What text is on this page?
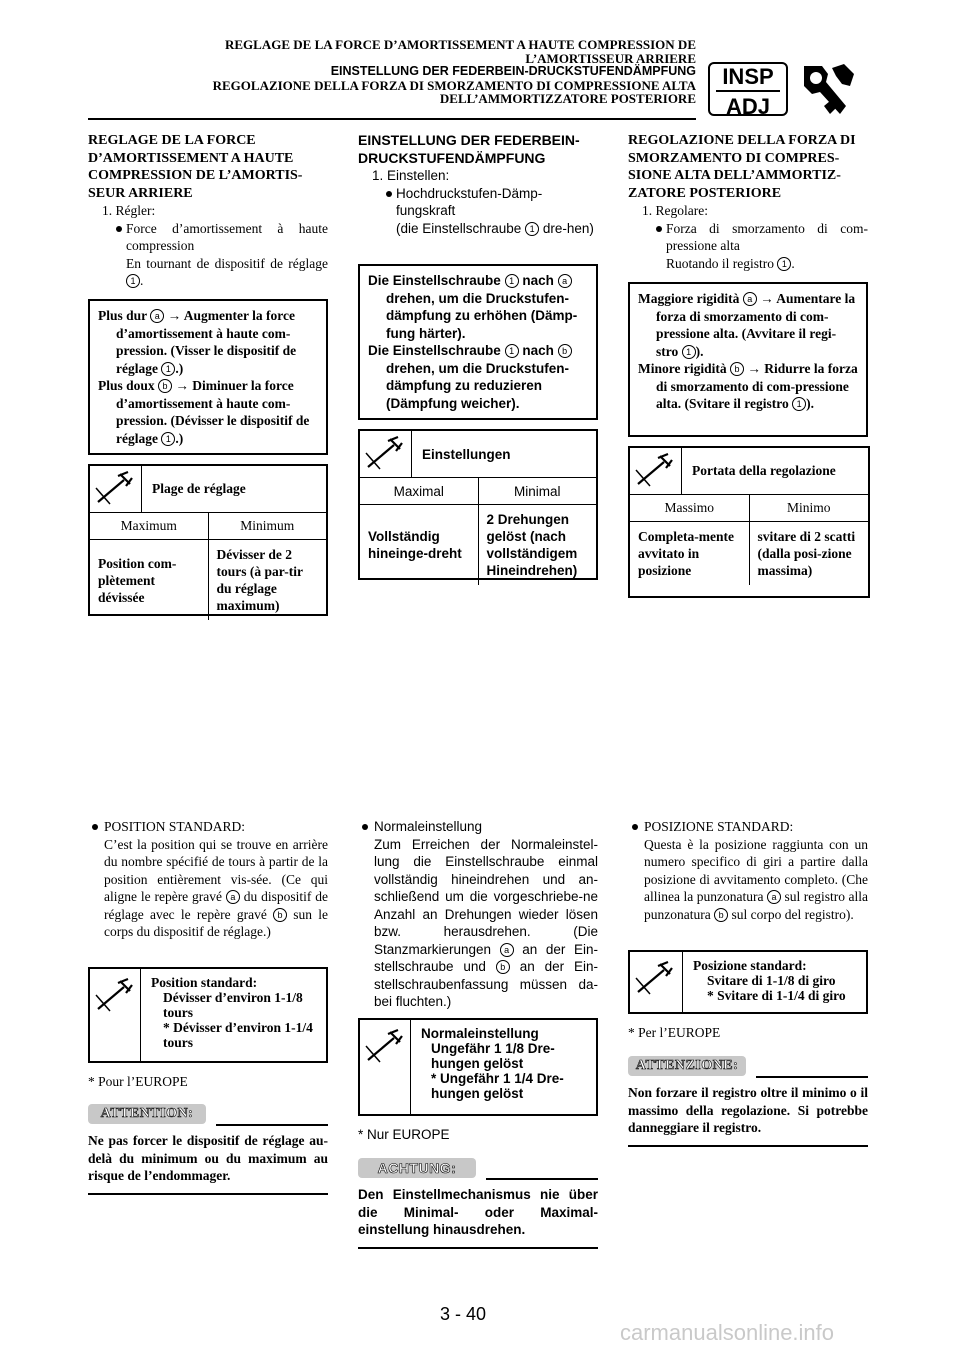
REGLAGE DE LA FORCE D’AMORTISSEMENT A HAUTE COMPRESSION DE
L’AMORTISSEUR ARRIERE
EINSTELLUNG DER FEDERBEIN-DRUCKSTUFENDÄMPFUNG
REGOLAZIONE DELLA FORZA DI SMORZAMENTO DI COMPRESSIONE ALTA
DELL’AMMORTIZZATORE POSTERIORE
INSP
ADJ
REGLAGE DE LA FORCE D’AMORTISSEMENT A HAUTE COMPRESSION DE L’AMORTIS-SEUR ARRIERE
1. Régler:
Force d’amortissement à haute compression
En tournant de dispositif de réglage 1 .
Plus dur a → Augmenter la force d’amortissement à haute com-pression. (Visser le dispositif de réglage 1 .)
Plus doux b → Diminuer la force d’amortissement à haute com-pression. (Dévisser le dispositif de réglage 1 .)
Plage de réglage
Maximum	Minimum
Position com-plètement dévissée	Dévisser de 2 tours (à par-tir du réglage maximum)
EINSTELLUNG DER FEDERBEIN-DRUCKSTUFENDÄMPFUNG
1. Einstellen:
Hochdruckstufen-Dämp-fungskraft
(die Einstellschraube 1 dre-hen)
Die Einstellschraube 1 nach a drehen, um die Druckstufen-dämpfung zu erhöhen (Dämp-fung härter).
Die Einstellschraube 1 nach b drehen, um die Druckstufen-dämpfung zu reduzieren (Dämpfung weicher).
Einstellungen
Maximal	Minimal
Vollständig hineinge-dreht	2 Drehungen gelöst (nach vollständigem Hineindrehen)
REGOLAZIONE DELLA FORZA DI SMORZAMENTO DI COMPRES-SIONE ALTA DELL’AMMORTIZ-ZATORE POSTERIORE
1. Regolare:
Forza di smorzamento di com-pressione alta
Ruotando il registro 1 .
Maggiore rigidità a → Aumentare la forza di smorzamento di com-pressione alta. (Avvitare il regi-stro 1 ).
Minore rigidità b → Ridurre la forza di smorzamento di com-pressione alta. (Svitare il registro 1 ).
Portata della regolazione
Massimo	Minimo
Completa-mente avvitato in posizione	svitare di 2 scatti (dalla posi-zione massima)
POSITION STANDARD:
C’est la position qui se trouve en arrière du nombre spécifié de tours à partir de la position entièrement vis-sée. (Ce qui aligne le repère gravé a du dispositif de réglage avec le repère gravé b sun le corps du dispositif de réglage.)
Position standard:
Dévisser d’environ 1-1/8 tours
* Dévisser d’environ 1-1/4 tours
* Pour l’EUROPE
ATTENTION:
Ne pas forcer le dispositif de réglage au-delà du minimum ou du maximum au risque de l’endommager.
Normaleinstellung
Zum Erreichen der Normaleinstel-lung die Einstellschraube einmal vollständig hineindrehen und an-schließend um die vorgeschriebe-ne Anzahl an Drehungen wieder lösen bzw. herausdrehen. (Die Stanzmarkierungen a an der Ein-stellschraube und b an der Ein-stellschraubenfassung müssen da-bei fluchten.)
Normaleinstellung
Ungefähr 1 1/8 Dre-hungen gelöst
* Ungefähr 1 1/4 Dre-hungen gelöst
* Nur EUROPE
ACHTUNG:
Den Einstellmechanismus nie über die Minimal- oder Maximal-einstellung hinausdrehen.
POSIZIONE STANDARD:
Questa è la posizione raggiunta con un numero specifico di giri a partire dalla posizione di avvitamento completo. (Che allinea la punzonatura a sul registro alla punzonatura b sul corpo del registro).
Posizione standard:
Svitare di 1-1/8 di giro
* Svitare di 1-1/4 di giro
* Per l’EUROPE
ATTENZIONE:
Non forzare il registro oltre il minimo o il massimo della regolazione. Si potrebbe danneggiare il registro.
3 - 40
carmanualsonline.info
